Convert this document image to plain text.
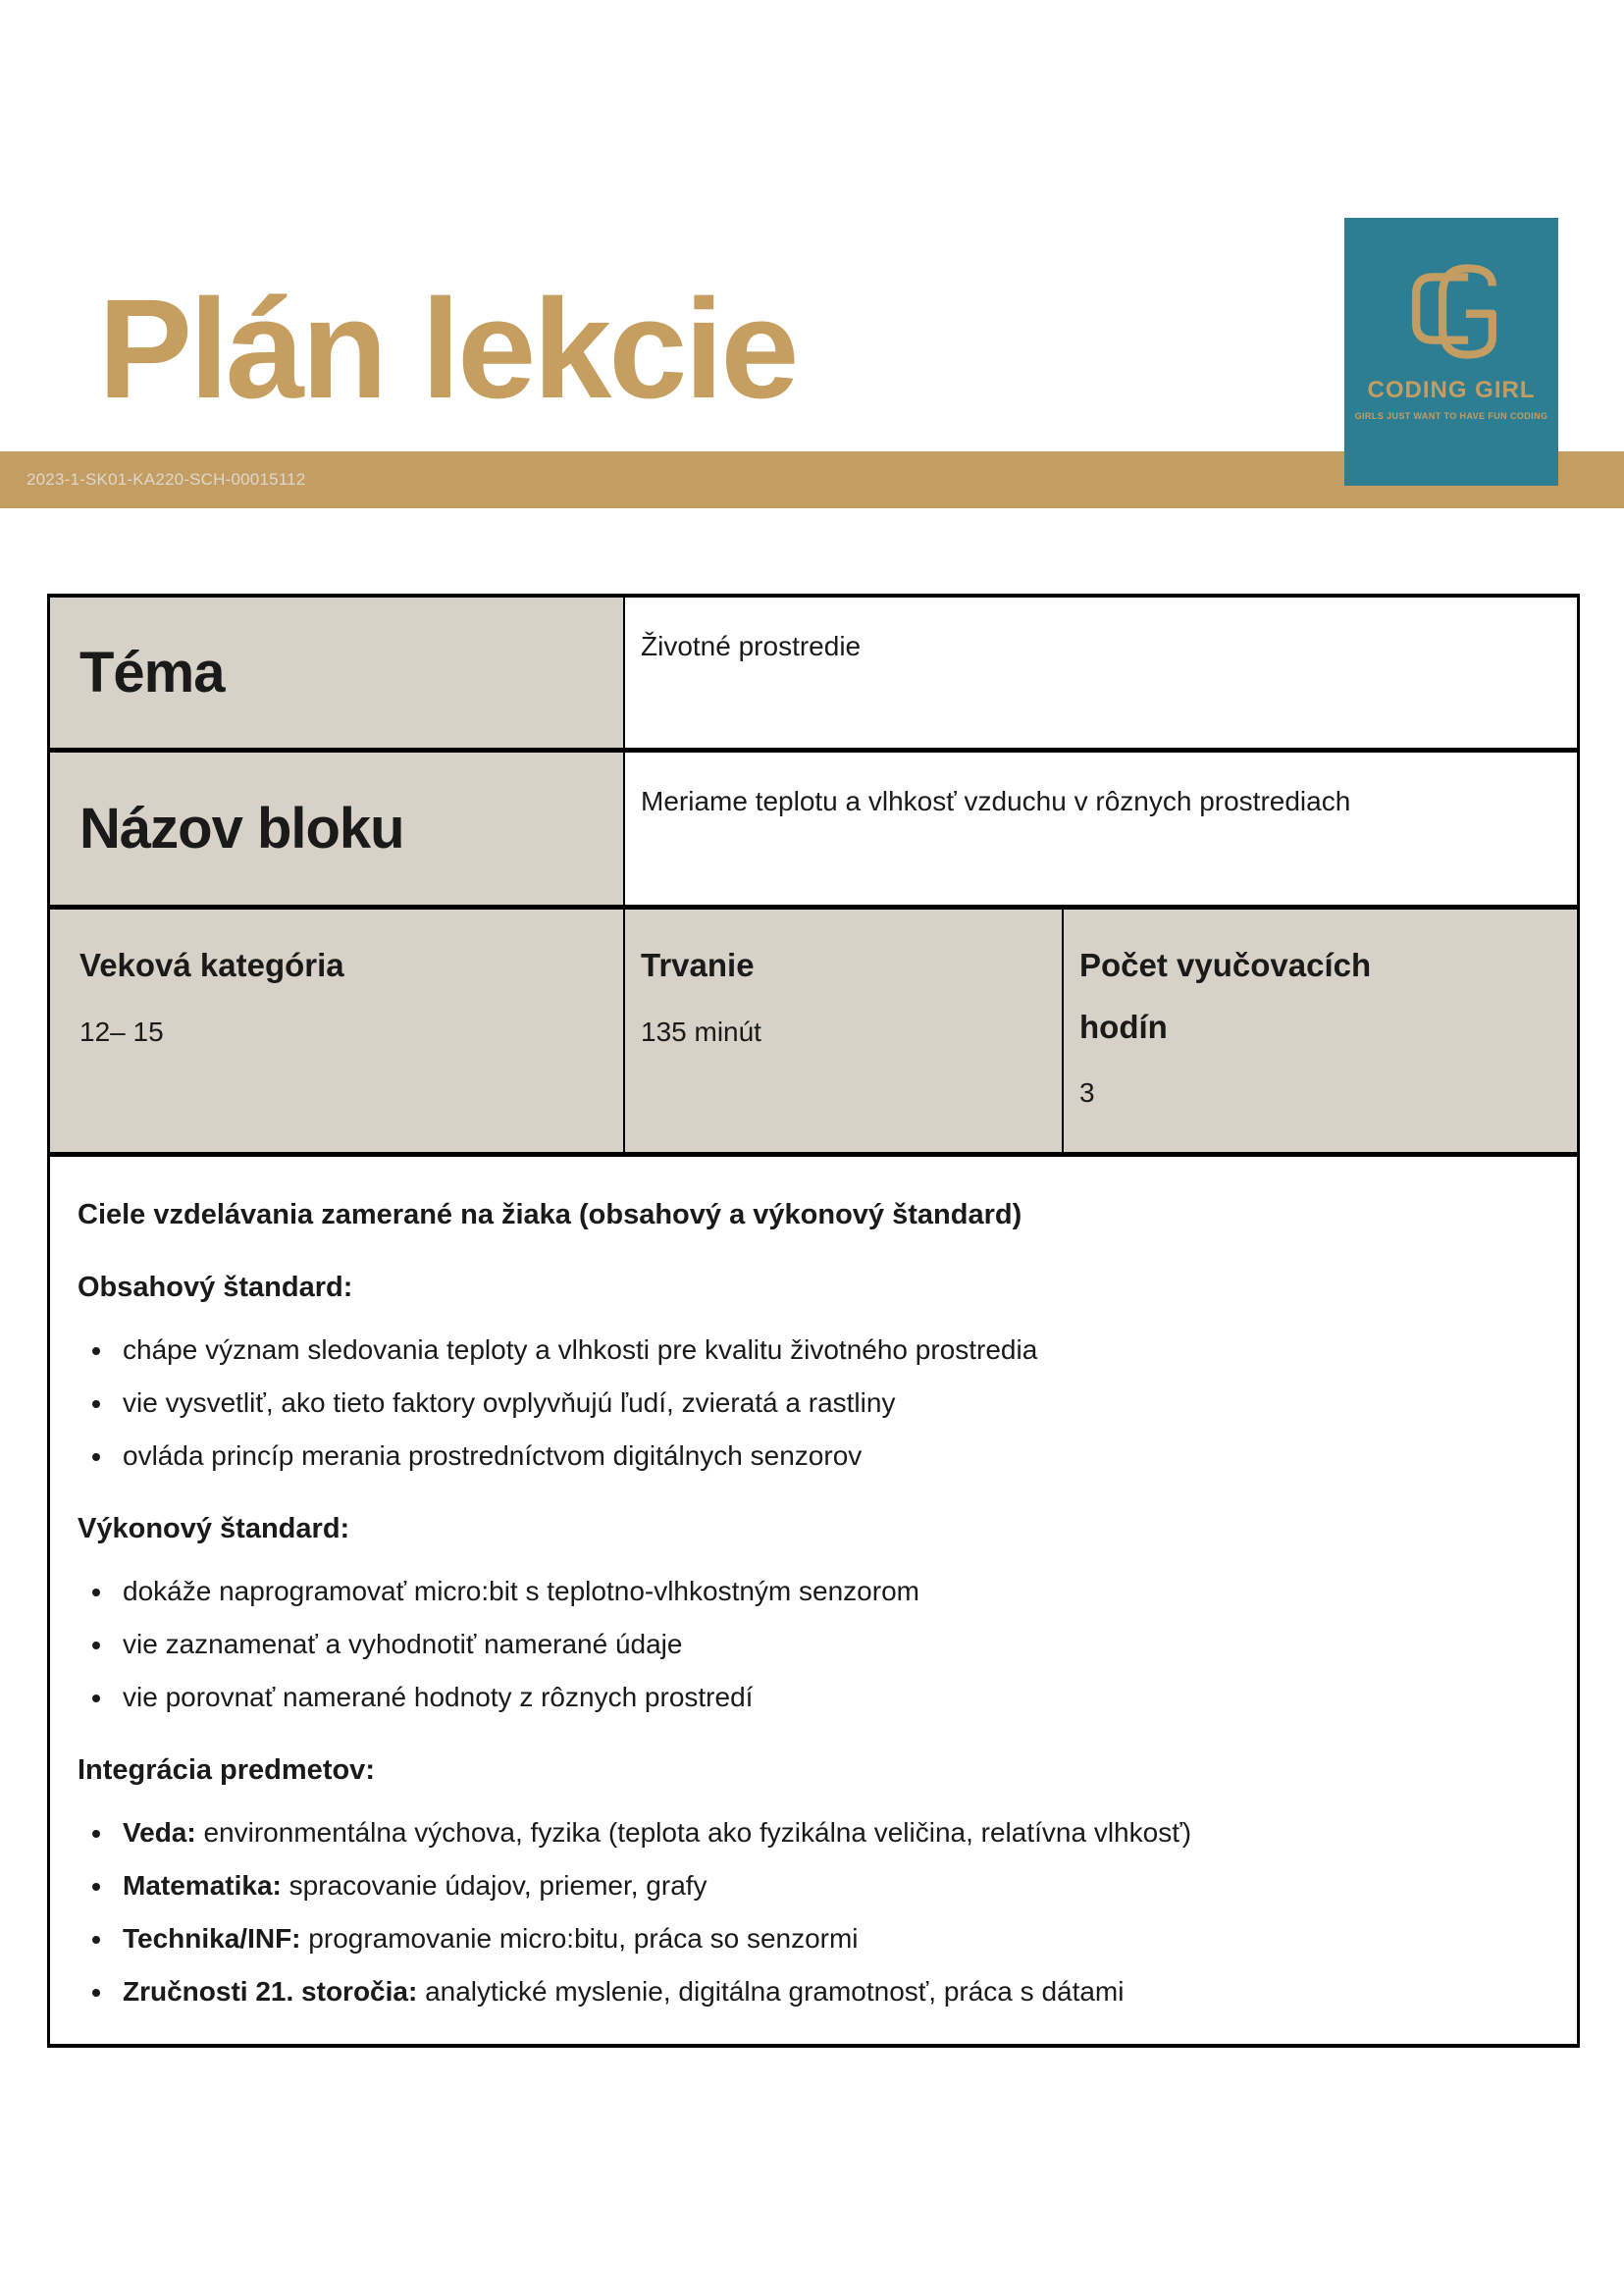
Plán lekcie
2023-1-SK01-KA220-SCH-00015112
CODING GIRL
GIRLS JUST WANT TO HAVE FUN CODING
Téma	Životné prostredie
Názov bloku	Meriame teplotu a vlhkosť vzduchu v rôznych prostrediach
Veková kategória
12– 15
Trvanie
135 minút
Počet vyučovacích hodín
3
Ciele vzdelávania zamerané na žiaka (obsahový a výkonový štandard)
Obsahový štandard:
• chápe význam sledovania teploty a vlhkosti pre kvalitu životného prostredia
• vie vysvetliť, ako tieto faktory ovplyvňujú ľudí, zvieratá a rastliny
• ovláda princíp merania prostredníctvom digitálnych senzorov
Výkonový štandard:
• dokáže naprogramovať micro:bit s teplotno-vlhkostným senzorom
• vie zaznamenať a vyhodnotiť namerané údaje
• vie porovnať namerané hodnoty z rôznych prostredí
Integrácia predmetov:
• Veda: environmentálna výchova, fyzika (teplota ako fyzikálna veličina, relatívna vlhkosť)
• Matematika: spracovanie údajov, priemer, grafy
• Technika/INF: programovanie micro:bitu, práca so senzormi
• Zručnosti 21. storočia: analytické myslenie, digitálna gramotnosť, práca s dátami
